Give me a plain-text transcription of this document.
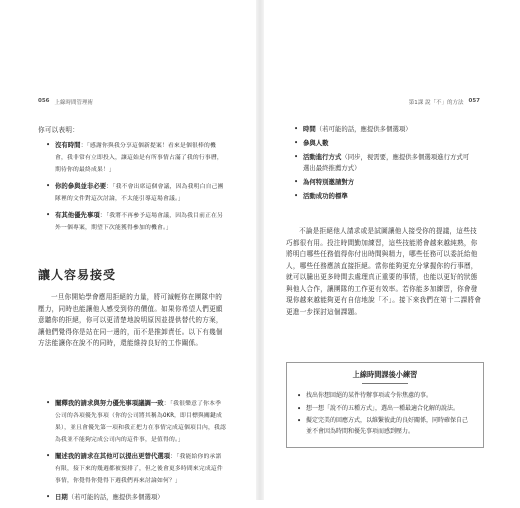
056 上線時間管理術
你可以表明：
• 沒有時間：「感謝你與我分享這個新提案！看來是個很棒的機會，我非常有立即投入，讓這始是有所事情占滿了我的行事曆，期待你的最終成果！」
• 你的參與並非必要：「我不會出席這個會議，因為我明白自己團隊裡的文件對這次討論，不太能引導這場會議。」
• 有其他優先事項：「我將不再參予這場會議，因為我目前正在另外一個專案，期望下次能獲得參加的機會。」
讓人容易接受
一旦你開始學會應用拒絕的力量，將可減輕你在團隊中的壓力，同時也能讓他人感受到你的價值。如果你希望人們更願意聽你的拒絕，你可以更清楚地說明原因並提供替代的方案，讓他們覺得你是站在同一邊的，而不是推卸責任。以下有幾個方法能讓你在說不的同時，還能維持良好的工作關係。
• 闡釋我的請求與努力優先事項議調一致：「我很樂意了你本季公司的各項優先事項（你的公司將其稱為OKR，即目標與關鍵成果），並且會優先第一項和我正把力在事情完成這個項目內，我認為我並不能夠完成公司內的這件事，是值得的。」
• 闡述我的請求在其他可以提出更替代選項：「我能給你的承諾有限，接下來的幾週都被預排了，但之後會更多時間來完成這件事情，你覺得你覺得下週我們再來討論如何？」
• 日期（若可能的話，應提供多個選項）
第1課 說「不」的方法 057
• 時間（若可能的話，應提供多個選項）
• 參與人數
• 活動進行方式（同步，視需要，應提供多個選項進行方式可選出最終推薦方式）
• 為何特別邀請對方
• 活動成功的標準
不論是拒絕他人請求或是試圖讓他人接受你的提議，這些技巧都很有用。投注時間勤加練習，這些技能將會越來越純熟，你將明白哪些任務值得你付出時間與精力，哪些任務可以委託給他人，哪些任務應該直接拒絕。當你能夠更充分掌握你的行事曆，就可以騰出更多時間去處理真正重要的事情，也能以更好的狀態與他人合作，讓團隊的工作更有效率。若你能多加練習，你會發現你越來越能夠更有自信地說「不」。接下來我們在第十二課將會更進一步探討這個課題。
上線時間課後小練習
• 找出你想回絕的某件待辦事項或令你焦慮的事。
• 想一想「說不的五種方式」，選出一種最適合化解的說法。
• 擬定完美的回應方式，以維繫彼此的良好關係，同時確保自己並不會因為時間和優先事項而感到壓力。
